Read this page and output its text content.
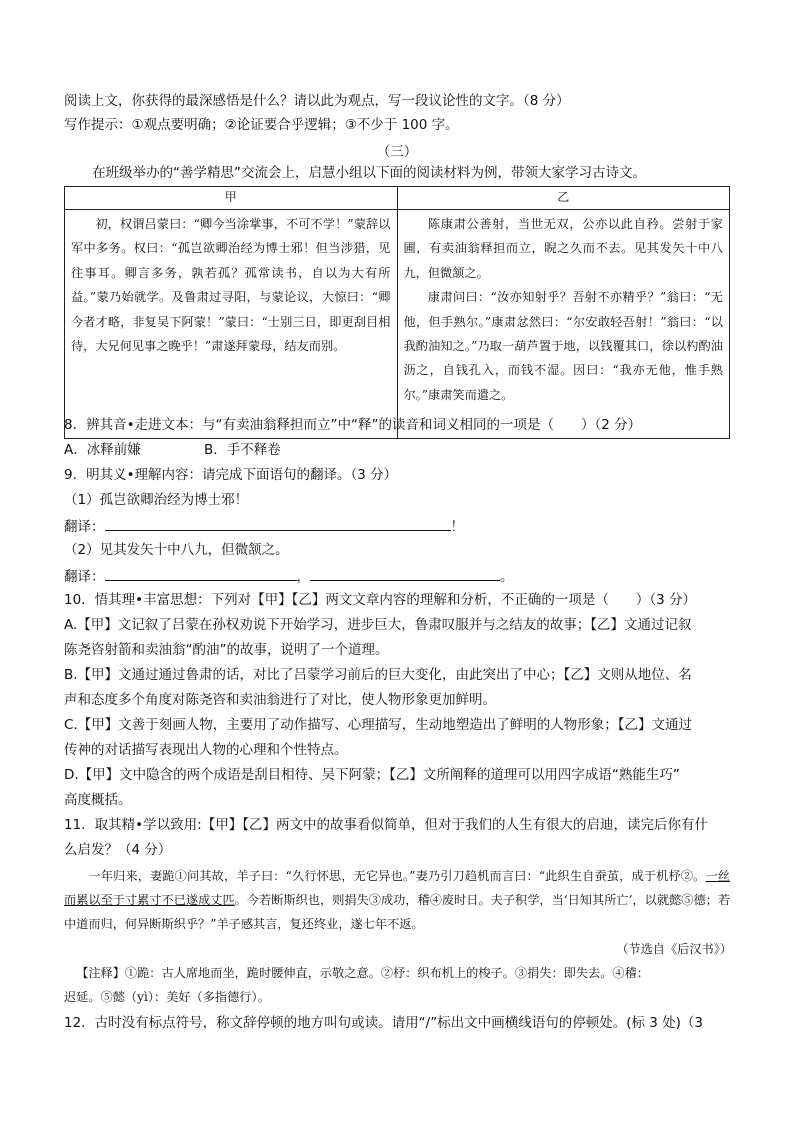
阅读上文，你获得的最深感悟是什么？请以此为观点，写一段议论性的文字。（8 分）
写作提示：①观点要明确；②论证要合乎逻辑；③不少于 100 字。
（三）
在班级举办的“善学精思”交流会上，启慧小组以下面的阅读材料为例，带领大家学习古诗文。
甲	乙

初，权谓吕蒙曰：“卿今当涂掌事，不可不学！”蒙辞以军中多务。权曰：“孤岂欲卿治经为博士邪！但当涉猎，见往事耳。卿言多务，孰若孤？孤常读书，自以为大有所益。”蒙乃始就学。及鲁肃过寻阳，与蒙论议，大惊曰：“卿今者才略，非复吴下阿蒙！”蒙曰：“士别三日，即更刮目相待，大兄何见事之晚乎！”肃遂拜蒙母，结友而别。	陈康肃公善射，当世无双，公亦以此自矜。尝射于家圃，有卖油翁释担而立，睨之久而不去。见其发矢十中八九，但微颔之。
康肃问曰：“汝亦知射乎？吾射不亦精乎？”翁曰：“无他，但手熟尔。”康肃忿然曰：“尔安敢轻吾射！”翁曰：“以我酌油知之。”乃取一葫芦置于地，以钱覆其口，徐以杓酌油沥之，自钱孔入，而钱不湿。因曰：“我亦无他，惟手熟尔。”康肃笑而遣之。
8．辨其音•走进文本：与“有卖油翁释担而立”中“释”的读音和词义相同的一项是（　　）（2 分）
A．冰释前嫌	B．手不释卷
9．明其义•理解内容：请完成下面语句的翻译。（3 分）
（1）孤岂欲卿治经为博士邪！
翻译：	！
（2）见其发矢十中八九，但微颔之。
翻译：	，	。
10．悟其理•丰富思想：下列对【甲】【乙】两文文章内容的理解和分析，不正确的一项是（　　）（3 分）
A.【甲】文记叙了吕蒙在孙权劝说下开始学习，进步巨大，鲁肃叹服并与之结友的故事；【乙】文通过记叙
陈尧咨射箭和卖油翁“酌油”的故事，说明了一个道理。
B.【甲】文通过通过鲁肃的话，对比了吕蒙学习前后的巨大变化，由此突出了中心；【乙】文则从地位、名
声和态度多个角度对陈尧咨和卖油翁进行了对比，使人物形象更加鲜明。
C.【甲】文善于刻画人物，主要用了动作描写、心理描写，生动地塑造出了鲜明的人物形象；【乙】文通过
传神的对话描写表现出人物的心理和个性特点。
D.【甲】文中隐含的两个成语是刮目相待、吴下阿蒙；【乙】文所阐释的道理可以用四字成语“熟能生巧”
高度概括。
11．取其精•学以致用:【甲】【乙】两文中的故事看似简单，但对于我们的人生有很大的启迪，读完后你有什
么启发？（4 分）
一年归来，妻跪①问其故，羊子曰：“久行怀思，无它异也。”妻乃引刀趋机而言曰：“此织生自蚕茧，成于机杼②。一丝而累以至于寸累寸不已遂成丈匹。今若断斯织也，则捐失③成功，稽④废时日。夫子积学，当‘日知其所亡’，以就懿⑤德；若中道而归，何异断斯织乎？”羊子感其言，复还终业，遂七年不返。
（节选自《后汉书》）
【注释】①跪：古人席地而坐，跪时腰伸直，示敬之意。②杼：织布机上的梭子。③捐失：即失去。④稽：
迟延。⑤懿（yì）：美好（多指德行）。
12．古时没有标点符号，称文辞停顿的地方叫句或读。请用“/”标出文中画横线语句的停顿处。(标 3 处)（3
